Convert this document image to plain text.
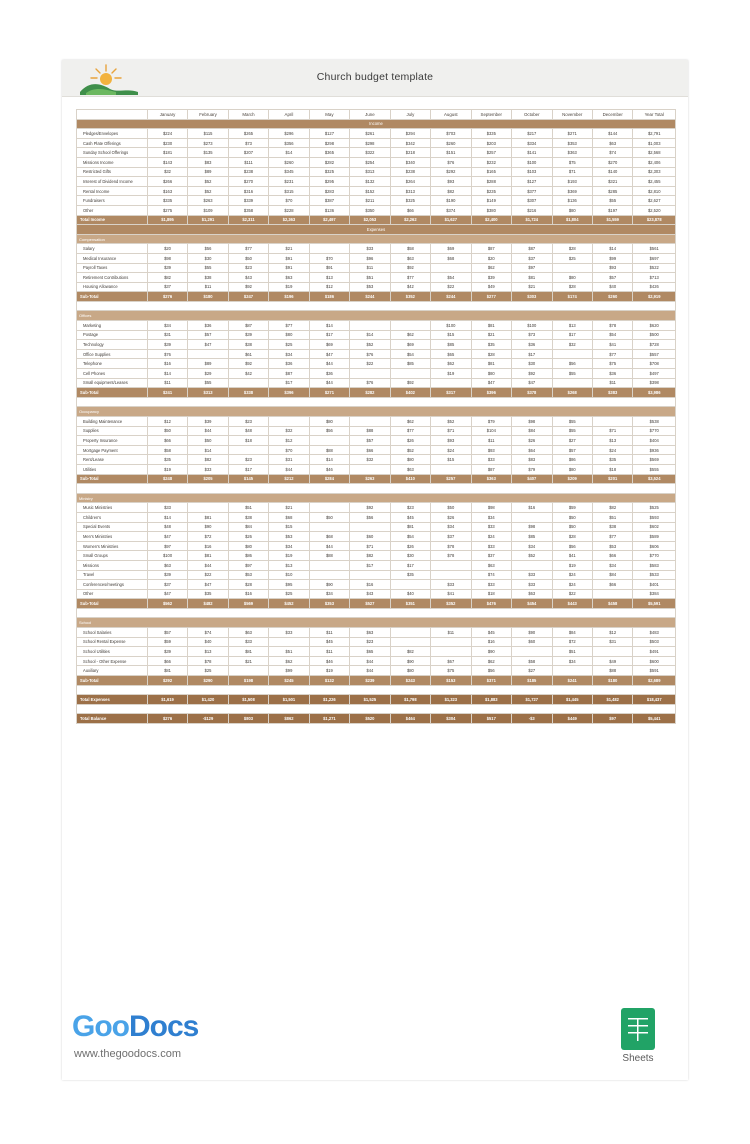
Church budget template
	January	February	March	April	May	June	July	August	September	October	November	December	Year Total
Income													
Pledges/Envelopes	$224	$115	$265	$296	$127	$261	$294	$703	$335	$217	$271	$144	$2,791
Cash Plate Offerings	$230	$273	$73	$356	$298	$298	$342	$260	$203	$334	$353	$63	$1,003
Sunday School Offerings	$181	$135	$207	$14	$365	$322	$218	$151	$257	$141	$363	$74	$2,568
Missions Income	$143	$83	$111	$260	$282	$254	$340	$76	$232	$100	$75	$270	$2,406
Restricted Gifts	$32	$89	$238	$345	$325	$313	$238	$292	$165	$103	$71	$140	$2,303
Interest of Dividend Income	$266	$52	$270	$231	$295	$132	$264	$93	$288	$127	$193	$321	$2,455
Rental Income	$163	$52	$316	$315	$283	$152	$313	$82	$235	$377	$369	$285	$2,810
Fundraisers	$335	$263	$339	$70	$387	$211	$325	$190	$149	$307	$136	$55	$2,627
Other	$275	$109	$358	$228	$136	$350	$66	$374	$380	$216	$80	$197	$2,520
Total Income	$1,895	$1,291	$2,311	$2,363	$2,497	$2,053	$2,262	$1,627	$2,400	$1,724	$1,804	$1,559	$23,878
Expenses													
Compensation													
Salary	$20	$56	$77	$21		$33	$58	$69	$87	$87	$28	$14	$561
Medical Insurance	$98	$30	$50	$91	$70	$96	$63	$68	$20	$37	$25	$99	$697
Payroll Taxes	$39	$55	$23	$91	$91	$11	$92		$62	$97		$93	$522
Retirement Contributions	$82	$38	$43	$63	$13	$51	$77	$54	$39	$81	$80	$57	$713
Housing Allowance	$37	$11	$92	$19	$12	$53	$42	$22	$49	$21	$28	$40	$426
Sub-Total	$276	$180	$247	$196	$186	$244	$352	$244	$277	$303	$174	$260	$2,919

Offices													
Marketing	$34	$36	$87	$77	$14			$100	$81	$100	$13	$78	$620
Postage	$31	$57	$39	$80	$17	$14	$62	$15	$21	$73	$17	$54	$500
Technology	$39	$47	$38	$25	$69	$52	$69	$85	$35	$36	$32	$41	$728
Office Supplies	$76		$61	$34	$47	$76	$54	$65	$28	$17		$77	$557
Telephone	$16	$89	$92	$36	$44	$22	$85	$62	$81	$30	$56	$75	$708
Cell Phones	$14	$29	$42	$87	$36			$19	$80	$92	$55	$36	$497
Small equipment/Leases	$11	$55		$17	$44	$76	$92		$47	$47		$11	$398
Sub-Total	$241	$313	$338	$396	$271	$282	$402	$317	$396	$378	$268	$383	$3,986

Occupancy													
Building Maintenance	$12	$39	$23		$80		$62	$52	$79	$98	$55		$538
Supplies	$50	$44	$48	$32	$56	$88	$77	$71	$104	$84	$55	$71	$770
Property Insurance	$66	$50	$18	$12		$57	$26	$93	$11	$26	$27	$13	$404
Mortgage Payment	$58	$14		$70	$88	$66	$52	$24	$93	$64	$57	$24	$936
Rent/Lease	$35	$82	$23	$31	$14	$32	$80	$15	$33	$83	$86	$35	$569
Utilities	$19	$33	$17	$44	$46		$63		$87	$79	$80	$18	$555
Sub-Total	$248	$205	$145	$212	$284	$263	$410	$257	$363	$407	$209	$201	$3,524

Ministry													
Music Ministries	$33		$51	$21		$92	$23	$50	$98	$16	$59	$82	$525
Children's	$14	$81	$38	$68	$50	$56	$45	$26	$34		$50	$51	$593
Special Events	$48	$90	$84	$15			$81	$34	$33	$98	$50	$38	$602
Men's Ministries	$47	$72	$26	$53	$68	$60	$54	$37	$24	$85	$28	$77	$589
Women's Ministries	$97	$16	$80	$34	$44	$71	$26	$78	$33	$34	$56	$53	$606
Small Groups	$100	$81	$86	$19	$88	$82	$30	$78	$37	$52	$41	$66	$770
Missions	$63	$44	$97	$13		$17	$17		$63		$19	$34	$583
Travel	$39	$22	$53	$10			$35		$74	$33	$24	$84	$533
Conferences/meetings	$37	$47	$28	$95	$90	$16		$33	$33	$33	$24	$66	$401
Other	$47	$35	$16	$25	$34	$43	$40	$41	$18	$63	$22		$384
Sub-Total	$562	$482	$569	$452	$353	$527	$351	$352	$476	$454	$443	$458	$5,591

School													
School Salaries	$57	$74	$63	$33	$11	$63		$11	$45	$90	$84	$12	$483
School Rental Expense	$59	$40	$33		$45	$23			$16	$60	$72	$31	$503
School Utilities	$39	$13	$81	$51	$11	$65	$82		$90		$51		$491
School - Other Expense	$66	$78	$21	$62	$46	$44	$90	$67	$62	$58	$34	$49	$600
Auxiliary	$81	$25		$99	$19	$44	$80	$75	$56	$27		$88	$591
Sub-Total	$292	$290	$198	$245	$132	$239	$243	$153	$371	$185	$241	$180	$2,689

Total Expenses	$1,619	$1,420	$1,508	$1,501	$1,226	$1,525	$1,798	$1,323	$1,883	$1,727	$1,445	$1,482	$18,437

Total Balance	$276	-$129	$803	$862	$1,271	$520	$464	$304	$517	-$3	$449	$97	$5,441
GooDocs
www.thegoodocs.com	Sheets
